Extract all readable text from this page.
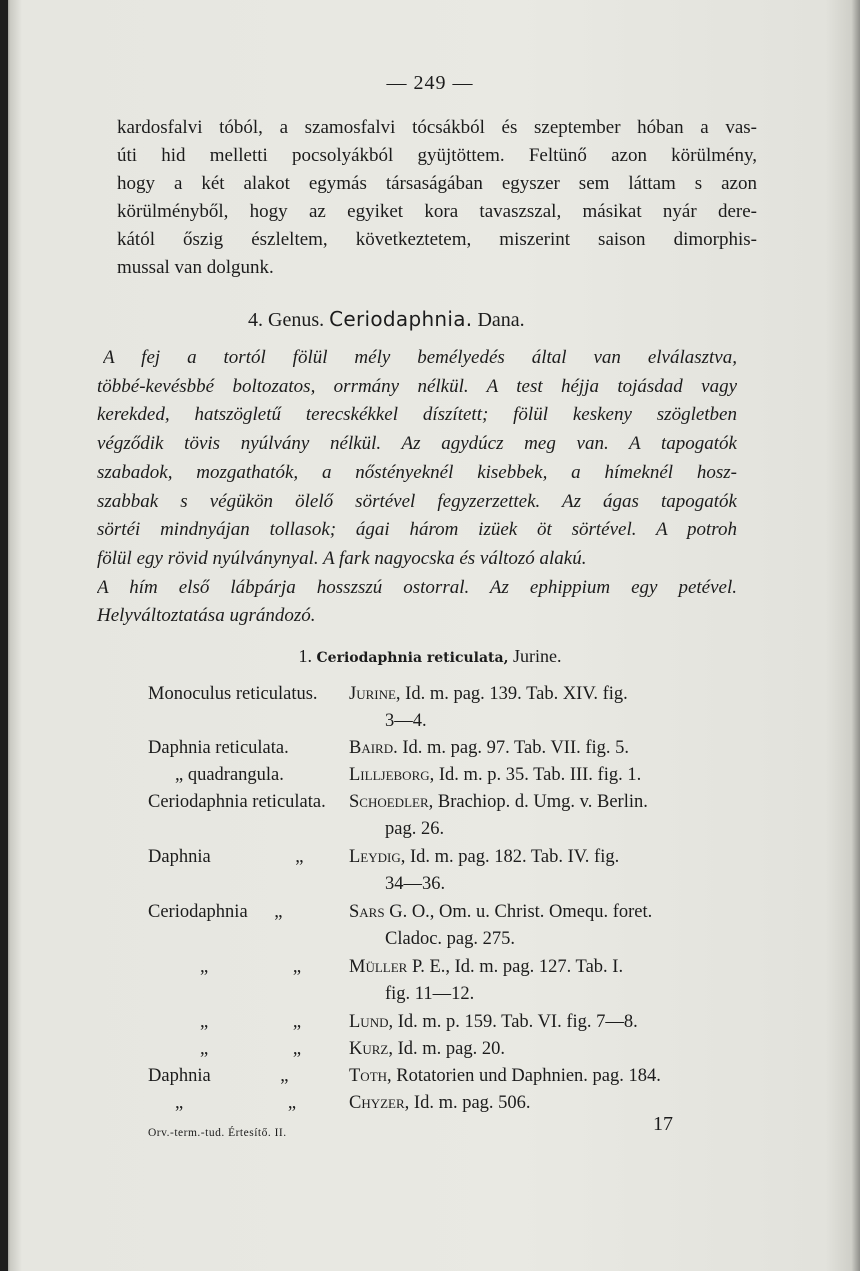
— 249 —
kardosfalvi tóból, a szamosfalvi tócsákból és szeptember hóban a vas-
úti hid melletti pocsolyákból gyüjtöttem. Feltünő azon körülmény,
hogy a két alakot egymás társaságában egyszer sem láttam s azon
körülményből, hogy az egyiket kora tavaszszal, másikat nyár dere-
kától őszig észleltem, következtetem, miszerint saison dimorphis-
mussal van dolgunk.
4. Genus. Ceriodaphnia. Dana.
A fej a tortól fölül mély bemélyedés által van elválasztva,
többé-kevésbbé boltozatos, orrmány nélkül. A test héjja tojásdad vagy
kerekded, hatszögletű terecskékkel díszített; fölül keskeny szögletben
végződik tövis nyúlvány nélkül. Az agydúcz meg van. A tapogatók
szabadok, mozgathatók, a nőstényeknél kisebbek, a hímeknél hosz-
szabbak s végükön ölelő sörtével fegyzerzettek. Az ágas tapogatók
sörtéi mindnyájan tollasok; ágai három izüek öt sörtével. A potroh
fölül egy rövid nyúlványnyal. A fark nagyocska és változó alakú.
A hím első lábpárja hosszszú ostorral. Az ephippium egy petével.
Helyváltoztatása ugrándozó.
1. Ceriodaphnia reticulata, Jurine.
Monoculus reticulatus. Jurine, Id. m. pag. 139. Tab. XIV. fig.
3—4.
Daphnia reticulata.	Baird. Id. m. pag. 97. Tab. VII. fig. 5.
„ quadrangula.	Lilljeborg, Id. m. p. 35. Tab. III. fig. 1.
Ceriodaphnia reticulata. Schoedler, Brachiop. d. Umg. v. Berlin.
pag. 26.
Daphnia „ Leydig, Id. m. pag. 182. Tab. IV. fig.
34—36.
Ceriodaphnia „	Sars G. O., Om. u. Christ. Omequ. foret.
Cladoc. pag. 275.
„ „	Müller P. E., Id. m. pag. 127. Tab. I.
fig. 11—12.
„ „	Lund, Id. m. p. 159. Tab. VI. fig. 7—8.
„ „	Kurz, Id. m. pag. 20.
Daphnia „	Toth, Rotatorien und Daphnien. pag. 184.
„ „	Chyzer, Id. m. pag. 506.
Orv.-term.-tud. Értesítő. II.	17
